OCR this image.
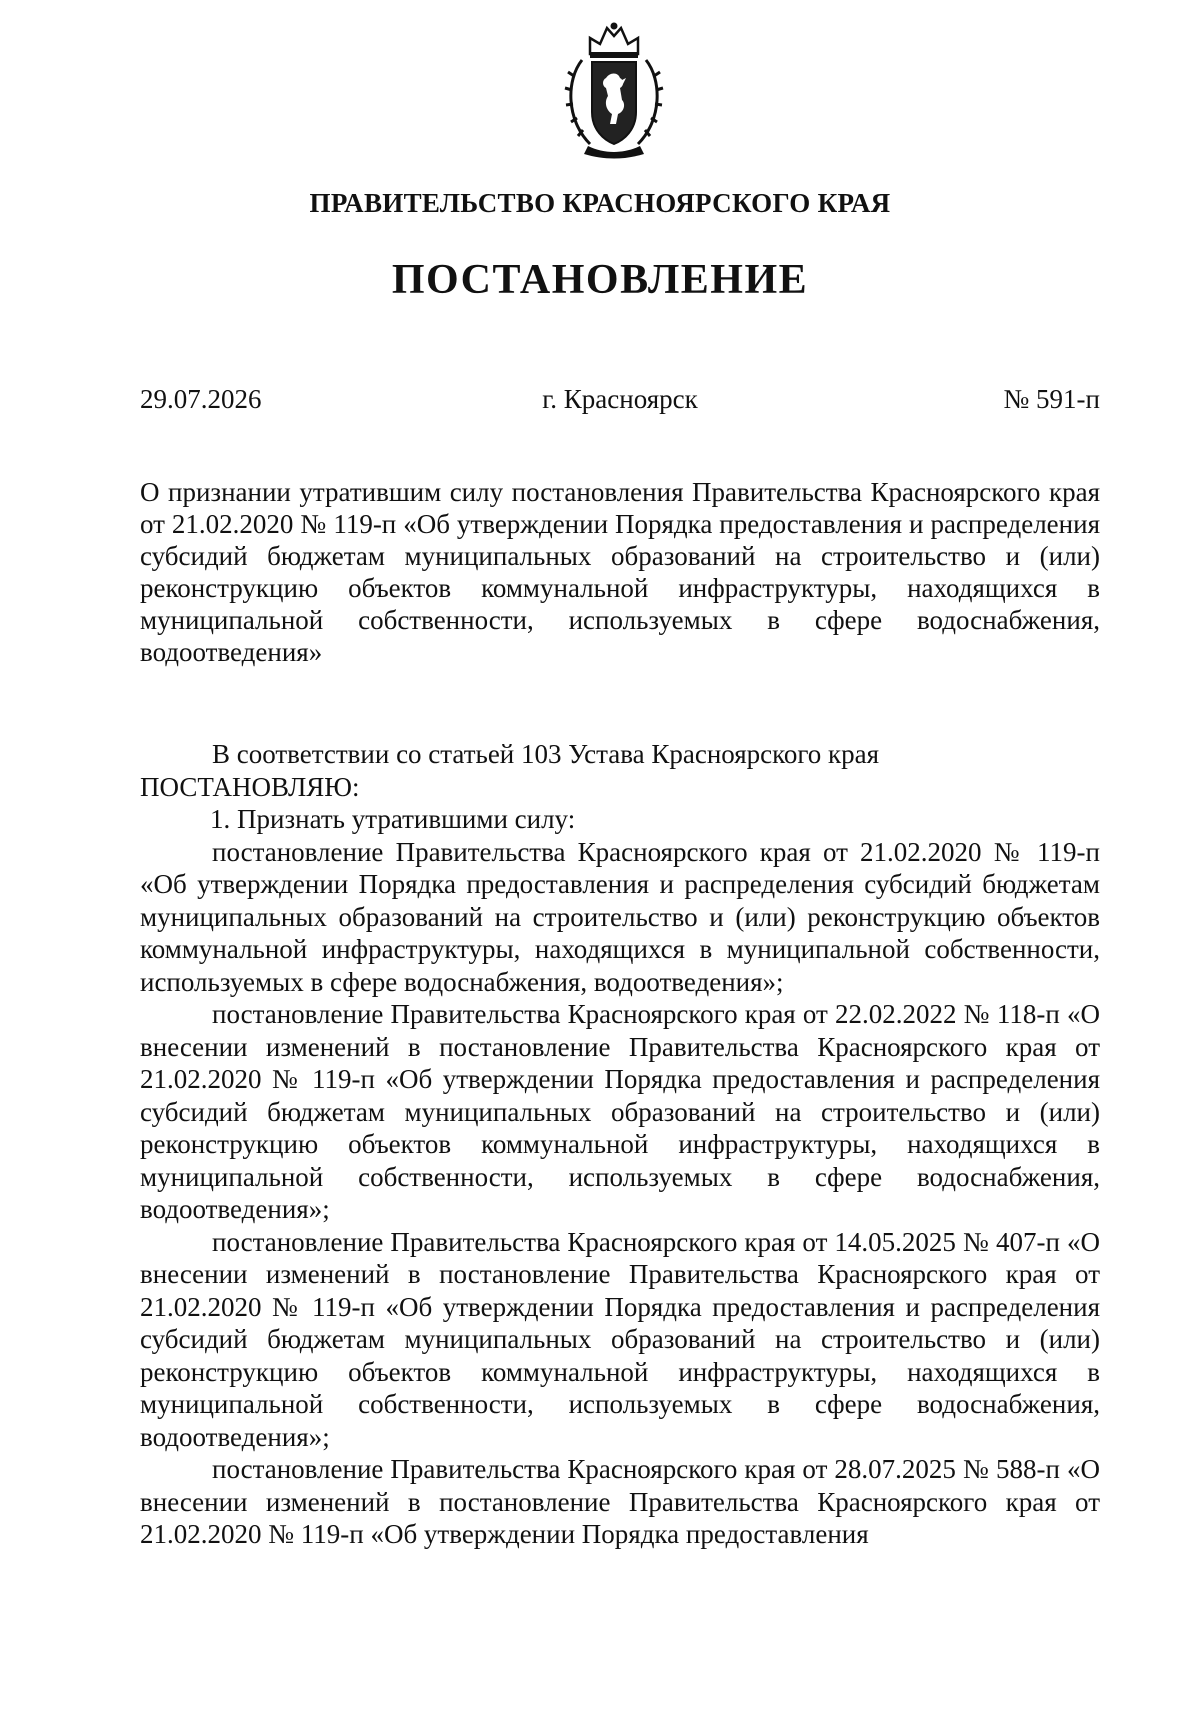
ПРАВИТЕЛЬСТВО КРАСНОЯРСКОГО КРАЯ
ПОСТАНОВЛЕНИЕ
29.07.2026	г. Красноярск	№ 591-п

О признании утратившим силу постановления Правительства Красноярского края от 21.02.2020 № 119-п «Об утверждении Порядка предоставления и распределения субсидий бюджетам муниципальных образований на строительство и (или) реконструкцию объектов коммунальной инфраструктуры, находящихся в муниципальной собственности, используемых в сфере водоснабжения, водоотведения»

В соответствии со статьей 103 Устава Красноярского края

ПОСТАНОВЛЯЮ:

1. Признать утратившими силу:

постановление Правительства Красноярского края от 21.02.2020 № 119-п «Об утверждении Порядка предоставления и распределения субсидий бюджетам муниципальных образований на строительство и (или) реконструкцию объектов коммунальной инфраструктуры, находящихся в муниципальной собственности, используемых в сфере водоснабжения, водоотведения»;

постановление Правительства Красноярского края от 22.02.2022 № 118-п «О внесении изменений в постановление Правительства Красноярского края от 21.02.2020 № 119-п «Об утверждении Порядка предоставления и распределения субсидий бюджетам муниципальных образований на строительство и (или) реконструкцию объектов коммунальной инфраструктуры, находящихся в муниципальной собственности, используемых в сфере водоснабжения, водоотведения»;

постановление Правительства Красноярского края от 14.05.2025 № 407-п «О внесении изменений в постановление Правительства Красноярского края от 21.02.2020 № 119-п «Об утверждении Порядка предоставления и распределения субсидий бюджетам муниципальных образований на строительство и (или) реконструкцию объектов коммунальной инфраструктуры, находящихся в муниципальной собственности, используемых в сфере водоснабжения, водоотведения»;

постановление Правительства Красноярского края от 28.07.2025 № 588-п «О внесении изменений в постановление Правительства Красноярского края от 21.02.2020 № 119-п «Об утверждении Порядка предоставления
